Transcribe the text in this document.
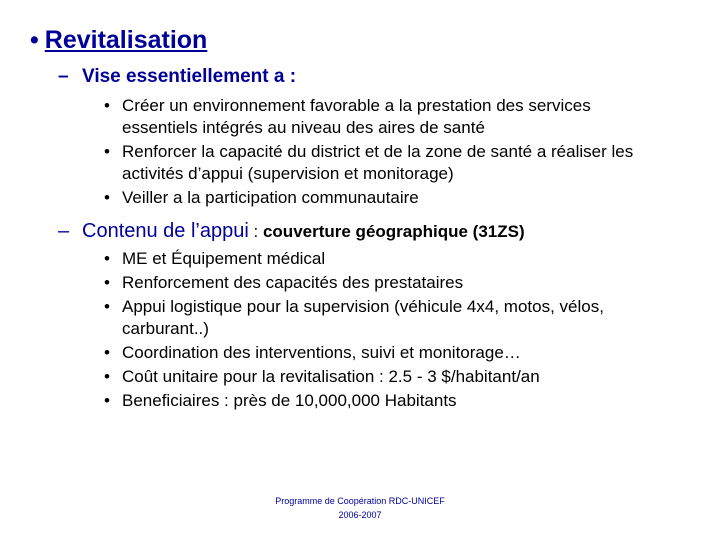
• Revitalisation
– Vise essentiellement a :
• Créer un environnement favorable a la prestation des services essentiels intégrés au niveau des aires de santé
• Renforcer la capacité du district et de la zone de santé a réaliser les activités d’appui (supervision et monitorage)
• Veiller a la participation communautaire
– Contenu de l’appui : couverture géographique (31ZS)
• ME et Équipement médical
• Renforcement des capacités des prestataires
• Appui logistique pour la supervision (véhicule 4x4, motos, vélos, carburant..)
• Coordination des interventions, suivi et monitorage…
• Coût unitaire pour la revitalisation : 2.5 - 3 $/habitant/an
• Beneficiaires : près de 10,000,000 Habitants
Programme de Coopération RDC-UNICEF
2006-2007
